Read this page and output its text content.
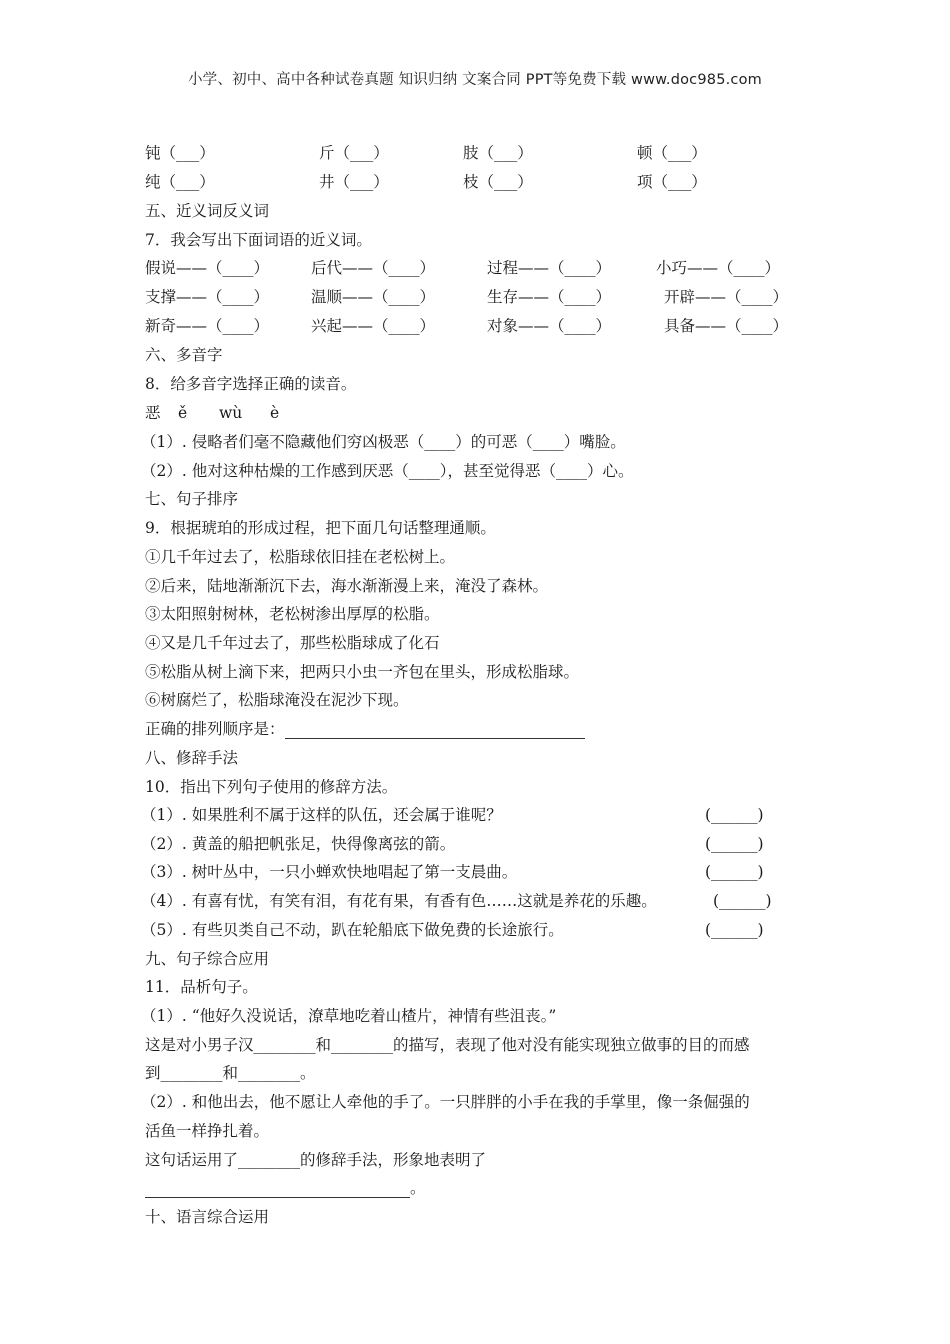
小学、初中、高中各种试卷真题 知识归纳 文案合同 PPT等免费下载 www.doc985.com
钝（___）	斤（___）	肢（___）	顿（___）
纯（___）	井（___）	枝（___）	项（___）
五、近义词反义词
7．我会写出下面词语的近义词。
假说——（____）	后代——（____）	过程——（____）	小巧——（____）
支撑——（____）	温顺——（____）	生存——（____）	开辟——（____）
新奇——（____）	兴起——（____）	对象——（____）	具备——（____）
六、多音字
8．给多音字选择正确的读音。
恶 ě wù è
（1）. 侵略者们毫不隐藏他们穷凶极恶（____）的可恶（____）嘴脸。
（2）. 他对这种枯燥的工作感到厌恶（____），甚至觉得恶（____）心。
七、句子排序
9．根据琥珀的形成过程，把下面几句话整理通顺。
①几千年过去了，松脂球依旧挂在老松树上。
②后来，陆地渐渐沉下去，海水渐渐漫上来，淹没了森林。
③太阳照射树林，老松树渗出厚厚的松脂。
④又是几千年过去了，那些松脂球成了化石
⑤松脂从树上滴下来，把两只小虫一齐包在里头，形成松脂球。
⑥树腐烂了，松脂球淹没在泥沙下现。
正确的排列顺序是：
八、修辞手法
10．指出下列句子使用的修辞方法。
（1）. 如果胜利不属于这样的队伍，还会属于谁呢？	(______)
（2）. 黄盖的船把帆张足，快得像离弦的箭。	(______)
（3）. 树叶丛中，一只小蝉欢快地唱起了第一支晨曲。	(______)
（4）. 有喜有忧，有笑有泪，有花有果，有香有色……这就是养花的乐趣。	(______)
（5）. 有些贝类自己不动，趴在轮船底下做免费的长途旅行。	(______)
九、句子综合应用
11．品析句子。
（1）. “他好久没说话，潦草地吃着山楂片，神情有些沮丧。”
这是对小男子汉________和________的描写，表现了他对没有能实现独立做事的目的而感
到________和________。
（2）. 和他出去，他不愿让人牵他的手了。一只胖胖的小手在我的手掌里，像一条倔强的
活鱼一样挣扎着。
这句话运用了________的修辞手法，形象地表明了
。
十、语言综合运用
